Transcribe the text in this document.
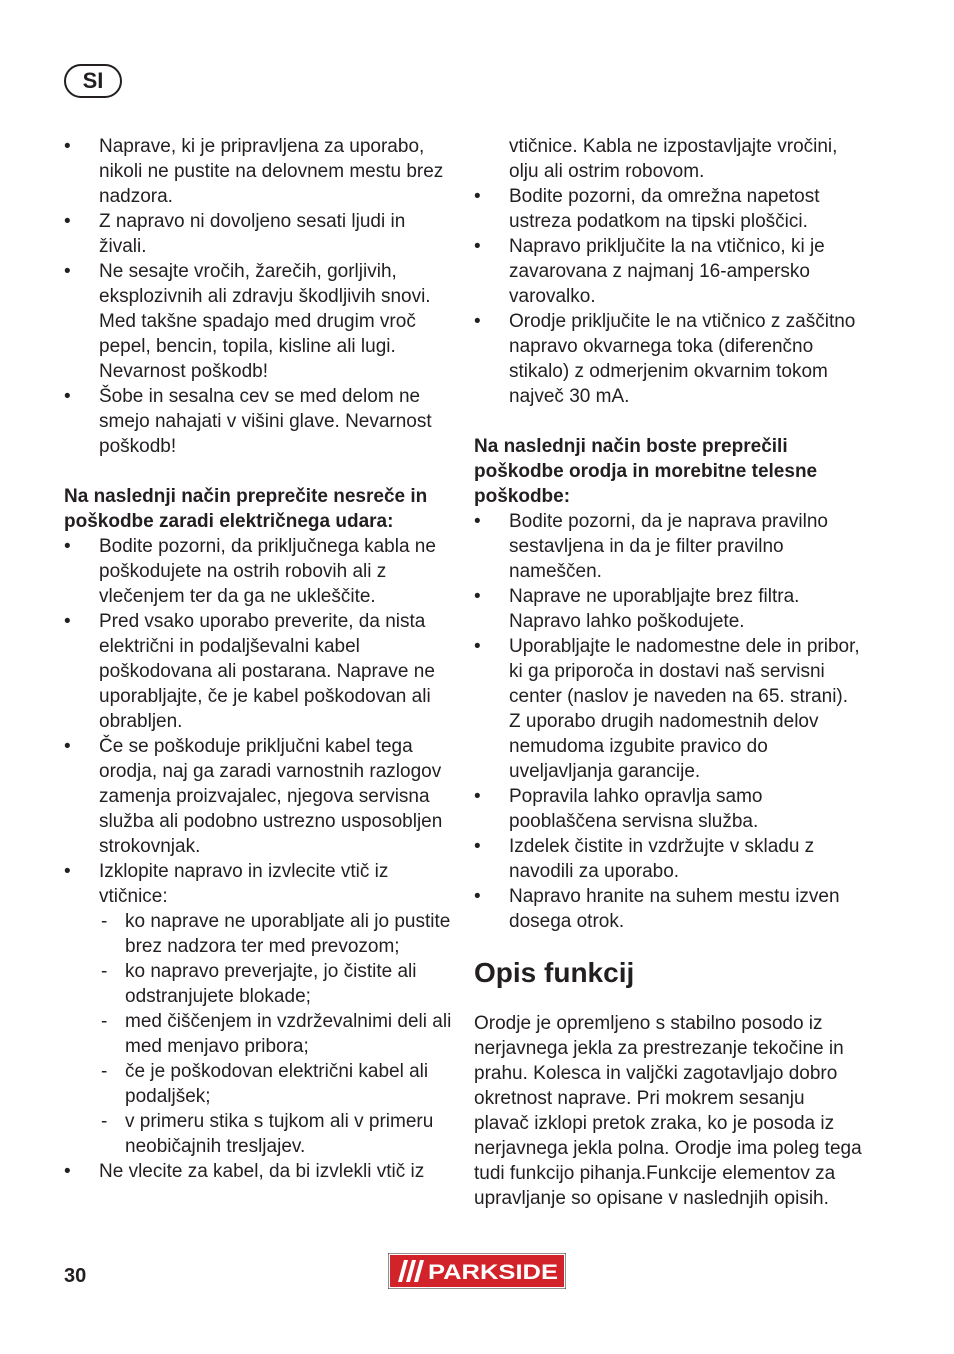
SI
•	Naprave, ki je pripravljena za uporabo, nikoli ne pustite na delovnem mestu brez nadzora.
•	Z napravo ni dovoljeno sesati ljudi in živali.
•	Ne sesajte vročih, žarečih, gorljivih, eksplozivnih ali zdravju škodljivih snovi. Med takšne spadajo med drugim vroč pepel, bencin, topila, kisline ali lugi. Nevarnost poškodb!
•	Šobe in sesalna cev se med delom ne smejo nahajati v višini glave. Nevarnost poškodb!

Na naslednji način preprečite nesreče in poškodbe zaradi električnega udara:

•	Bodite pozorni, da priključnega kabla ne poškodujete na ostrih robovih ali z vlečenjem ter da ga ne ukleščite.
•	Pred vsako uporabo preverite, da nista električni in podaljševalni kabel poškodovana ali postarana. Naprave ne uporabljajte, če je kabel poškodovan ali obrabljen.
•	Če se poškoduje priključni kabel tega orodja, naj ga zaradi varnostnih razlogov zamenja proizvajalec, njegova servisna služba ali podobno ustrezno usposobljen strokovnjak.
•	Izklopite napravo in izvlecite vtič iz vtičnice:
- ko naprave ne uporabljate ali jo pustite brez nadzora ter med prevozom;
- ko napravo preverjajte, jo čistite ali odstranjujete blokade;
- med čiščenjem in vzdrževalnimi deli ali med menjavo pribora;
- če je poškodovan električni kabel ali podaljšek;
- v primeru stika s tujkom ali v primeru neobičajnih tresljajev.
•	Ne vlecite za kabel, da bi izvlekli vtič iz
vtičnice. Kabla ne izpostavljajte vročini, olju ali ostrim robovom.
•	Bodite pozorni, da omrežna napetost ustreza podatkom na tipski ploščici.
•	Napravo priključite la na vtičnico, ki je zavarovana z najmanj 16-ampersko varovalko.
•	Orodje priključite le na vtičnico z zaščitno napravo okvarnega toka (diferenčno stikalo) z odmerjenim okvarnim tokom največ 30 mA.

Na naslednji način boste preprečili poškodbe orodja in morebitne telesne poškodbe:

•	Bodite pozorni, da je naprava pravilno sestavljena in da je filter pravilno nameščen.
•	Naprave ne uporabljajte brez filtra. Napravo lahko poškodujete.
•	Uporabljajte le nadomestne dele in pribor, ki ga priporoča in dostavi naš servisni center (naslov je naveden na 65. strani). Z uporabo drugih nadomestnih delov nemudoma izgubite pravico do uveljavljanja garancije.
•	Popravila lahko opravlja samo pooblaščena servisna služba.
•	Izdelek čistite in vzdržujte v skladu z navodili za uporabo.
•	Napravo hranite na suhem mestu izven dosega otrok.
Opis funkcij

Orodje je opremljeno s stabilno posodo iz nerjavnega jekla za prestrezanje tekočine in prahu. Kolesca in valjčki zagotavljajo dobro okretnost naprave. Pri mokrem sesanju plavač izklopi pretok zraka, ko je posoda iz nerjavnega jekla polna. Orodje ima poleg tega tudi funkcijo pihanja.Funkcije elementov za upravljanje so opisane v naslednjih opisih.

30	PARKSIDE
